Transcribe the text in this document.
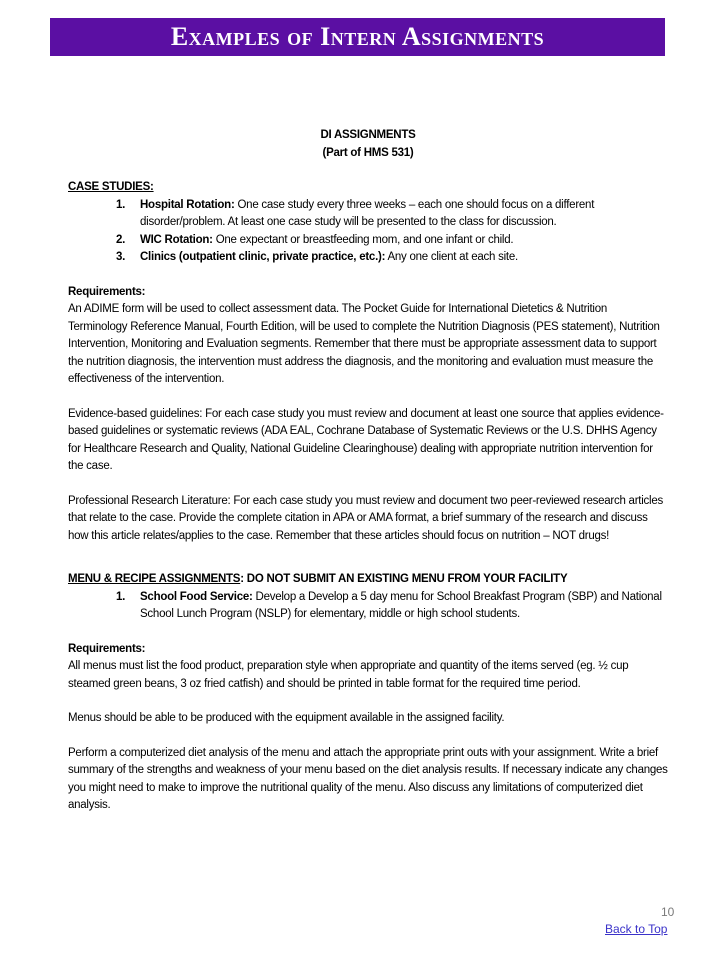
Examples of Intern Assignments
DI ASSIGNMENTS
(Part of HMS 531)
CASE STUDIES:
1. Hospital Rotation: One case study every three weeks – each one should focus on a different disorder/problem. At least one case study will be presented to the class for discussion.
2. WIC Rotation: One expectant or breastfeeding mom, and one infant or child.
3. Clinics (outpatient clinic, private practice, etc.): Any one client at each site.
Requirements:

An ADIME form will be used to collect assessment data. The Pocket Guide for International Dietetics & Nutrition Terminology Reference Manual, Fourth Edition, will be used to complete the Nutrition Diagnosis (PES statement), Nutrition Intervention, Monitoring and Evaluation segments. Remember that there must be appropriate assessment data to support the nutrition diagnosis, the intervention must address the diagnosis, and the monitoring and evaluation must measure the effectiveness of the intervention.

Evidence-based guidelines: For each case study you must review and document at least one source that applies evidence-based guidelines or systematic reviews (ADA EAL, Cochrane Database of Systematic Reviews or the U.S. DHHS Agency for Healthcare Research and Quality, National Guideline Clearinghouse) dealing with appropriate nutrition intervention for the case.

Professional Research Literature: For each case study you must review and document two peer-reviewed research articles that relate to the case. Provide the complete citation in APA or AMA format, a brief summary of the research and discuss how this article relates/applies to the case. Remember that these articles should focus on nutrition – NOT drugs!

MENU & RECIPE ASSIGNMENTS: DO NOT SUBMIT AN EXISTING MENU FROM YOUR FACILITY
1. School Food Service: Develop a Develop a 5 day menu for School Breakfast Program (SBP) and National School Lunch Program (NSLP) for elementary, middle or high school students.
Requirements:

All menus must list the food product, preparation style when appropriate and quantity of the items served (eg. ½ cup steamed green beans, 3 oz fried catfish) and should be printed in table format for the required time period.

Menus should be able to be produced with the equipment available in the assigned facility.

Perform a computerized diet analysis of the menu and attach the appropriate print outs with your assignment. Write a brief summary of the strengths and weakness of your menu based on the diet analysis results. If necessary indicate any changes you might need to make to improve the nutritional quality of the menu. Also discuss any limitations of computerized diet analysis.

10
Back to Top
